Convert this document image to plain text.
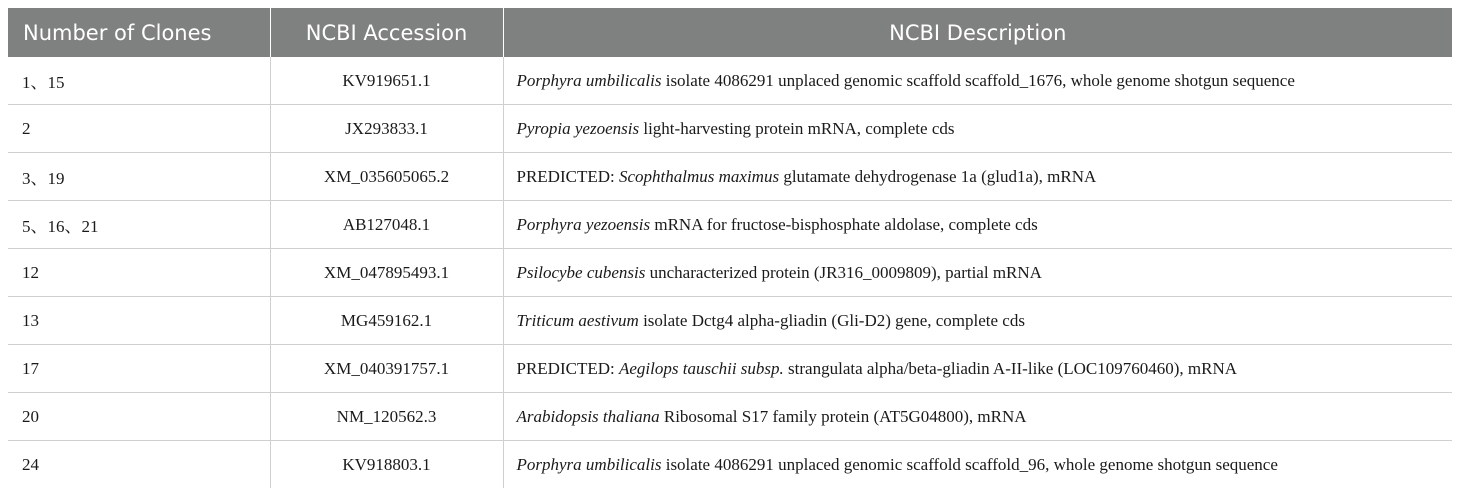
Number of Clones	NCBI Accession	NCBI Description
1、15	KV919651.1	Porphyra umbilicalis isolate 4086291 unplaced genomic scaffold scaffold_1676, whole genome shotgun sequence
2	JX293833.1	Pyropia yezoensis light-harvesting protein mRNA, complete cds
3、19	XM_035605065.2	PREDICTED: Scophthalmus maximus glutamate dehydrogenase 1a (glud1a), mRNA
5、16、21	AB127048.1	Porphyra yezoensis mRNA for fructose-bisphosphate aldolase, complete cds
12	XM_047895493.1	Psilocybe cubensis uncharacterized protein (JR316_0009809), partial mRNA
13	MG459162.1	Triticum aestivum isolate Dctg4 alpha-gliadin (Gli-D2) gene, complete cds
17	XM_040391757.1	PREDICTED: Aegilops tauschii subsp. strangulata alpha/beta-gliadin A-II-like (LOC109760460), mRNA
20	NM_120562.3	Arabidopsis thaliana Ribosomal S17 family protein (AT5G04800), mRNA
24	KV918803.1	Porphyra umbilicalis isolate 4086291 unplaced genomic scaffold scaffold_96, whole genome shotgun sequence
